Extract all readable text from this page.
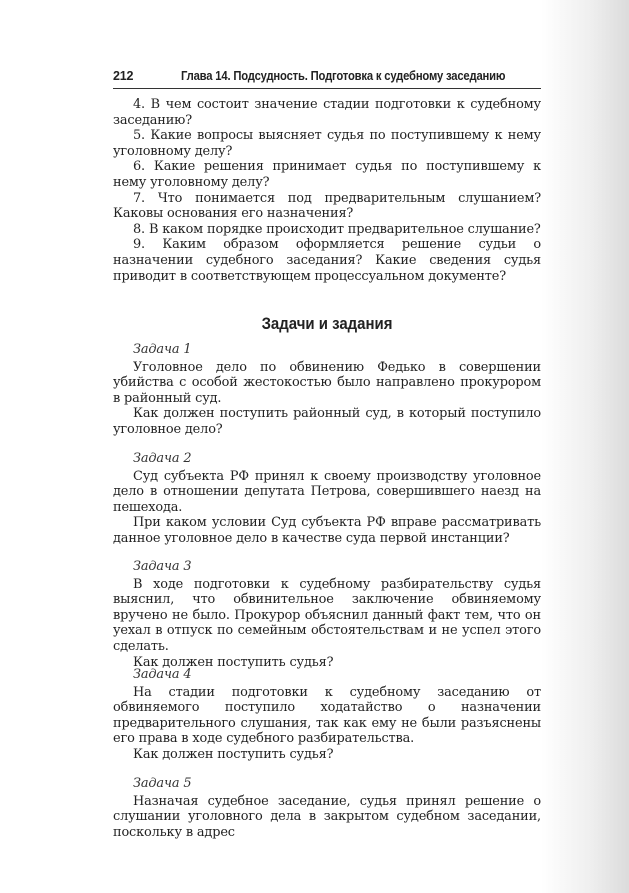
212	Глава 14. Подсудность. Подготовка к судебному заседанию

4. В чем состоит значение стадии подготовки к судебному заседанию?

5. Какие вопросы выясняет судья по поступившему к нему уголовному делу?

6. Какие решения принимает судья по поступившему к нему уголовному делу?

7. Что понимается под предварительным слушанием? Каковы основания его назначения?

8. В каком порядке происходит предварительное слушание?

9. Каким образом оформляется решение судьи о назначении судебного заседания? Какие сведения судья приводит в соответствующем процессуальном документе?

Задачи и задания

Задача 1

Уголовное дело по обвинению Федько в совершении убийства с особой жестокостью было направлено прокурором в районный суд.

Как должен поступить районный суд, в который поступило уголовное дело?

Задача 2

Суд субъекта РФ принял к своему производству уголовное дело в отношении депутата Петрова, совершившего наезд на пешехода.

При каком условии Суд субъекта РФ вправе рассматривать данное уголовное дело в качестве суда первой инстанции?

Задача 3

В ходе подготовки к судебному разбирательству судья выяснил, что обвинительное заключение обвиняемому вручено не было. Прокурор объяснил данный факт тем, что он уехал в отпуск по семейным обстоятельствам и не успел этого сделать.

Как должен поступить судья?

Задача 4

На стадии подготовки к судебному заседанию от обвиняемого поступило ходатайство о назначении предварительного слушания, так как ему не были разъяснены его права в ходе судебного разбирательства.

Как должен поступить судья?

Задача 5

Назначая судебное заседание, судья принял решение о слушании уголовного дела в закрытом судебном заседании, поскольку в адрес
